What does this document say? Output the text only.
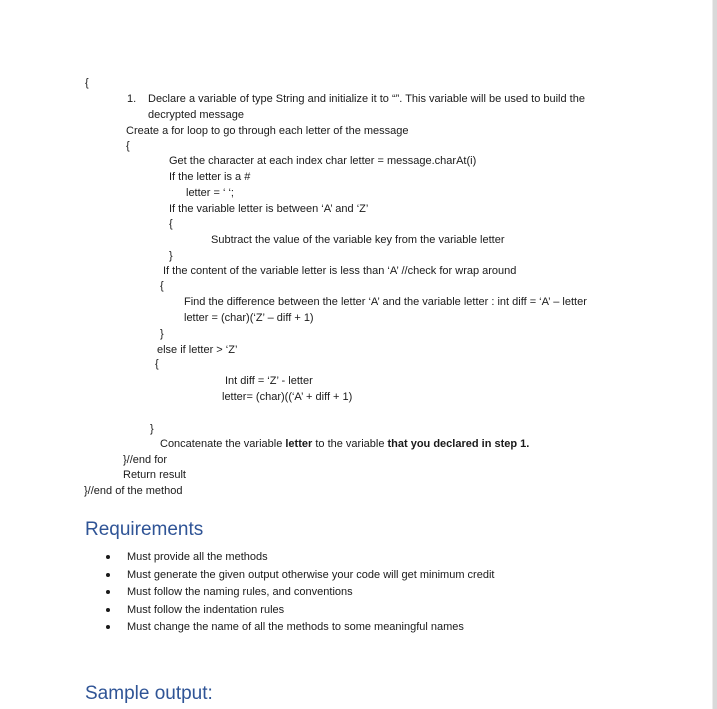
{
1. Declare a variable of type String and initialize it to “”. This variable will be used to build the
decrypted message
Create a for loop to go through each letter of the message
{
Get the character at each index char letter = message.charAt(i)
If the letter is a #
letter = ‘ ‘;
If the variable letter is between ‘A’ and ‘Z’
{
Subtract the value of the variable key from the variable letter
}
If the content of the variable letter is less than ‘A’ //check for wrap around
{
Find the difference between the letter ‘A’ and the variable letter : int diff = ‘A’ – letter
letter = (char)(‘Z’ – diff + 1)
}
else if letter > ‘Z’
{
Int diff = ‘Z’ - letter
letter= (char)((‘A’ + diff + 1)
}
Concatenate the variable letter to the variable that you declared in step 1.
}//end for
Return result
}//end of the method
Requirements
Must provide all the methods
Must generate the given output otherwise your code will get minimum credit
Must follow the naming rules, and conventions
Must follow the indentation rules
Must change the name of all the methods to some meaningful names
Sample output:
